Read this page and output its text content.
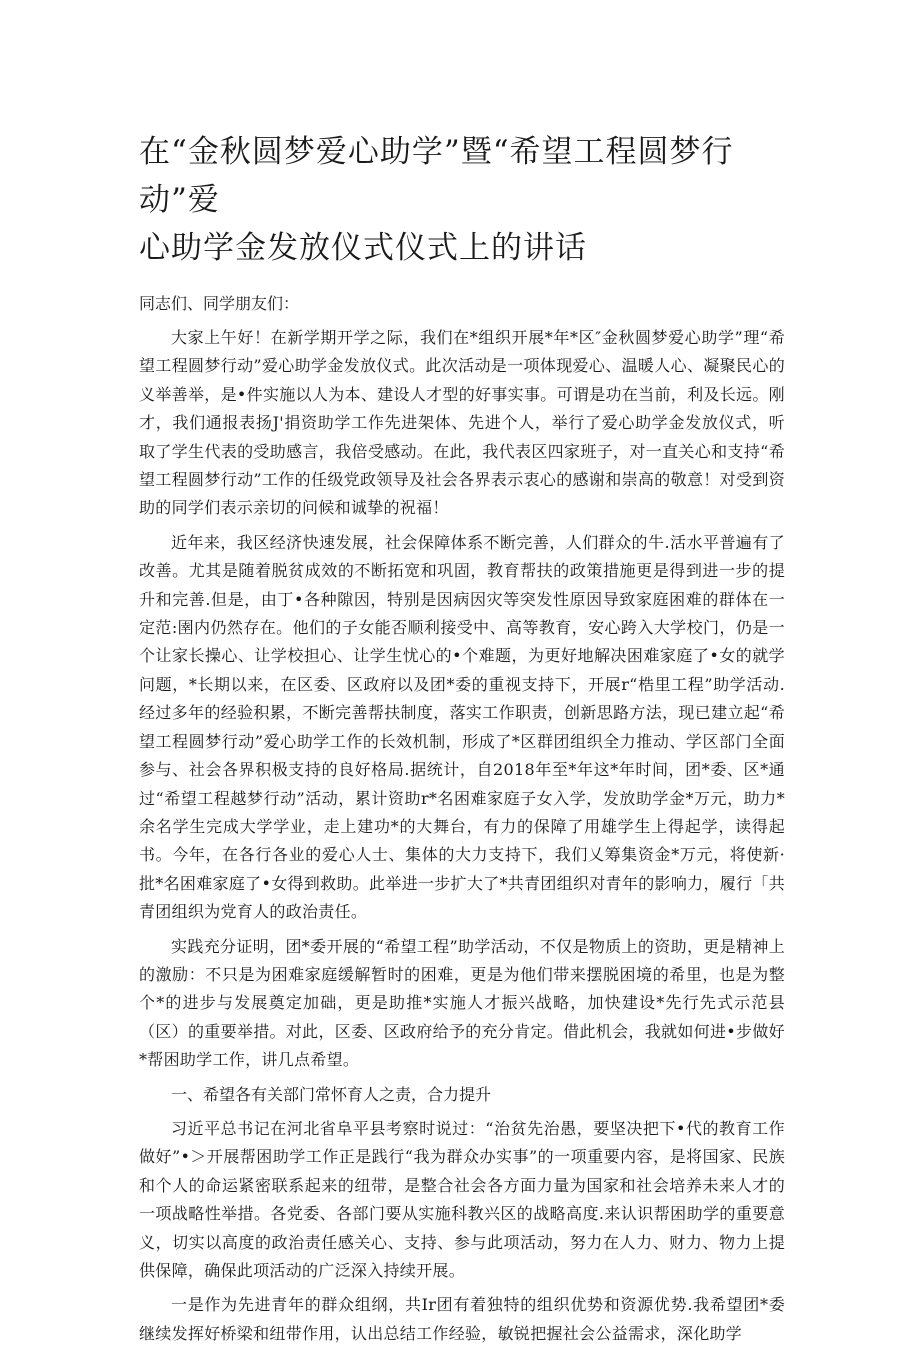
在“金秋圆梦爱心助学”暨“希望工程圆梦行动”爱
心助学金发放仪式仪式上的讲话

同志们、同学朋友们：

大家上午好！在新学期开学之际，我们在*组织开展*年*区″金秋圆梦爱心助学”理“希望工程圆梦行动”爱心助学金发放仪式。此次活动是一项体现爱心、温暖人心、凝聚民心的义举善举，是•件实施以人为本、建设人才型的好事实事。可谓是功在当前，利及长远。刚才，我们通报表扬J'捐资助学工作先进架体、先进个人，举行了爱心助学金发放仪式，听取了学生代表的受助感言，我倍受感动。在此，我代表区四家班子，对一直关心和支持“希望工程圆梦行动”工作的任级党政领导及社会各界表示衷心的感谢和崇高的敬意！对受到资助的同学们表示亲切的问候和诚挚的祝福！

近年来，我区经济快速发展，社会保障体系不断完善，人们群众的牛.活水平普遍有了改善。尤其是随着脱贫成效的不断拓宽和巩固，教育帮扶的政策措施更是得到进一步的提升和完善.但是，由丁•各种隙因，特别是因病因灾等突发性原因导致家庭困难的群体在一定范:圉内仍然存在。他们的子女能否顺利接受中、高等教育，安心跨入大学校门，仍是一个让家长操心、让学校担心、让学生忧心的•个难题，为更好地解决困难家庭了•女的就学问题，*长期以来，在区委、区政府以及团*委的重视支持下，开展r“梏里工程”助学活动.经过多年的经验积累，不断完善帮扶制度，落实工作职责，创新思路方法，现已建立起“希望工程圆梦行动”爱心助学工作的长效机制，形成了*区群团组织全力推动、学区部门全面参与、社会各界积极支持的良好格局.据统计，自2018年至*年这*年时间，团*委、区*通过“希望工程越梦行动”活动，累计资助r*名困难家庭子女入学，发放助学金*万元，助力*余名学生完成大学学业，走上建功*的大舞台，有力的保障了用雄学生上得起学，读得起书。今年，在各行各业的爱心人士、集体的大力支持下，我们乂筹集资金*万元，将使新·批*名困难家庭了•女得到救助。此举进一步扩大了*共青团组织对青年的影响力，履行「共青团组织为党育人的政治责任。

实践充分证明，团*委开展的“希望工程”助学活动，不仅是物质上的资助，更是精神上的激励：不只是为困难家庭缓解暂时的困难，更是为他们带来摆脱困境的希里，也是为整个*的进步与发展奠定加础，更是助推*实施人才振兴战略，加快建设*先行先式示范县（区）的重要举措。对此，区委、区政府给予的充分肯定。借此机会，我就如何进•步做好*帮困助学工作，讲几点希望。

一、希望各有关部门常怀育人之责，合力提升

习近平总书记在河北省阜平县考察时说过：“治贫先治愚，要坚决把下•代的教育工作做好”•＞开展帮困助学工作正是践行“我为群众办实事”的一项重要内容，是将国家、民族和个人的命运紧密联系起来的纽带，是整合社会各方面力量为国家和社会培养未来人才的一项战略性举措。各党委、各部门要从实施科教兴区的战略高度.来认识帮困助学的重要意义，切实以高度的政治责任感关心、支持、参与此项活动，努力在人力、财力、物力上提供保障，确保此项活动的广泛深入持续开展。

一是作为先进青年的群众组纲，共Ir团有着独特的组织优势和资源优势.我希望团*委继续发挥好桥梁和纽带作用，认出总结工作经验，敏锐把握社会公益需求，深化助学
